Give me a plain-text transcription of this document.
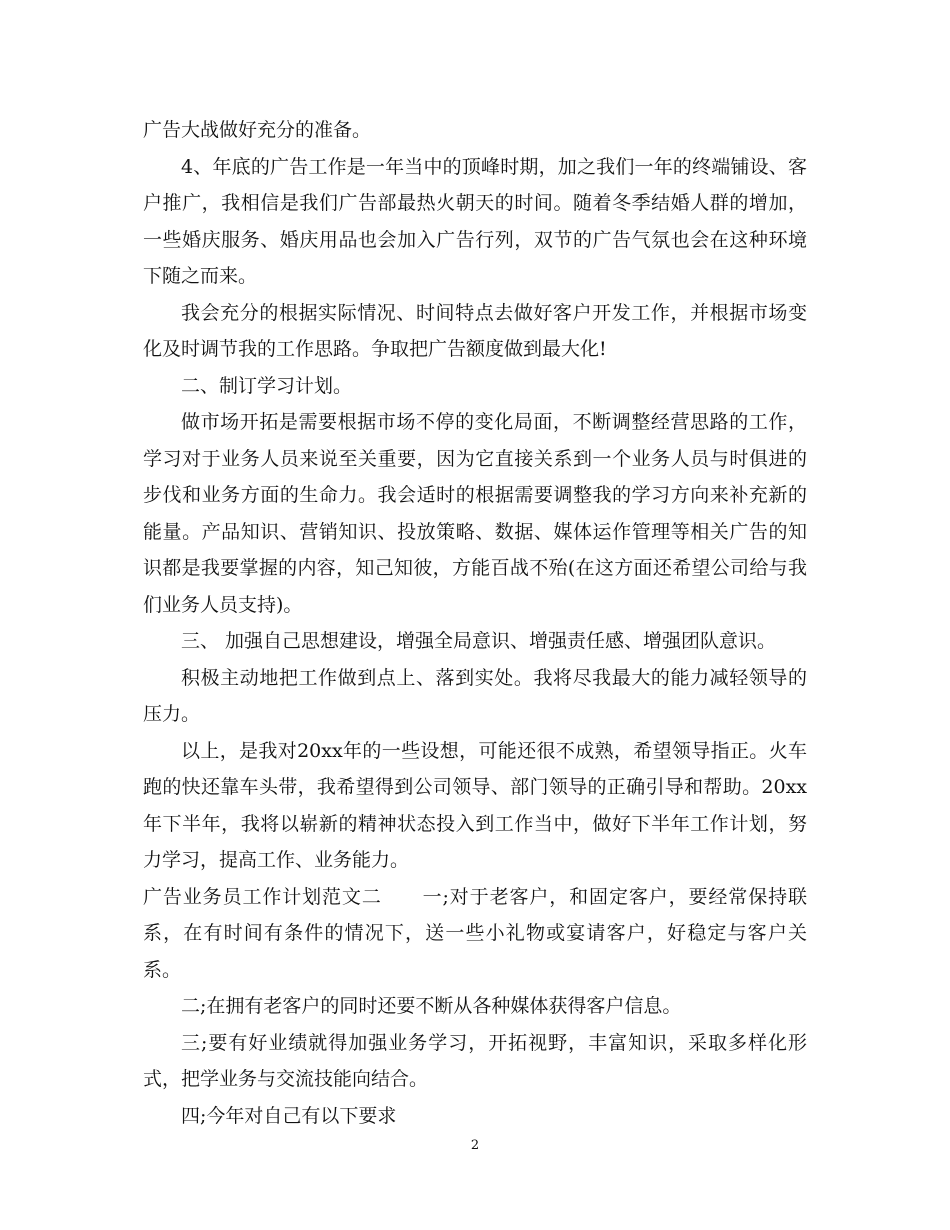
广告大战做好充分的准备。

4、年底的广告工作是一年当中的顶峰时期，加之我们一年的终端铺设、客户推广，我相信是我们广告部最热火朝天的时间。随着冬季结婚人群的增加，一些婚庆服务、婚庆用品也会加入广告行列，双节的广告气氛也会在这种环境下随之而来。

我会充分的根据实际情况、时间特点去做好客户开发工作，并根据市场变化及时调节我的工作思路。争取把广告额度做到最大化!

二、制订学习计划。

做市场开拓是需要根据市场不停的变化局面，不断调整经营思路的工作，学习对于业务人员来说至关重要，因为它直接关系到一个业务人员与时俱进的步伐和业务方面的生命力。我会适时的根据需要调整我的学习方向来补充新的能量。产品知识、营销知识、投放策略、数据、媒体运作管理等相关广告的知识都是我要掌握的内容，知己知彼，方能百战不殆(在这方面还希望公司给与我们业务人员支持)。

三、 加强自己思想建设，增强全局意识、增强责任感、增强团队意识。

积极主动地把工作做到点上、落到实处。我将尽我最大的能力减轻领导的压力。

以上，是我对20xx年的一些设想，可能还很不成熟，希望领导指正。火车跑的快还靠车头带，我希望得到公司领导、部门领导的正确引导和帮助。20xx年下半年，我将以崭新的精神状态投入到工作当中，做好下半年工作计划，努力学习，提高工作、业务能力。

广告业务员工作计划范文二 一;对于老客户，和固定客户，要经常保持联系，在有时间有条件的情况下，送一些小礼物或宴请客户，好稳定与客户关系。

二;在拥有老客户的同时还要不断从各种媒体获得客户信息。

三;要有好业绩就得加强业务学习，开拓视野，丰富知识，采取多样化形式，把学业务与交流技能向结合。

四;今年对自己有以下要求

2
